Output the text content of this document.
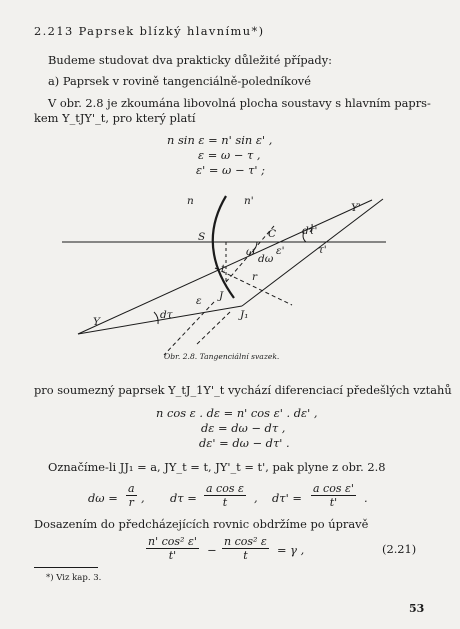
2.213 Paprsek blízký hlavnímu*)
Budeme studovat dva prakticky důležité případy:
a) Paprsek v rovině tangenciálně-poledníkové
V obr. 2.8 je zkoumána libovolná plocha soustavy s hlavním paprs-
kem Y_tJY'_t, pro který platí
n sin ε = n' sin ε' ,
ε = ω − τ ,
ε' = ω − τ' ;
n	n'
S	C
ω
dω
ε'
r
t
J
J₁
Y
Y'
ε
dτ
dτ'
τ'
Obr. 2.8. Tangenciální svazek.
pro soumezný paprsek Y_tJ_1Y'_t vychází diferenciací předešlých vztahů
n cos ε . dε = n' cos ε' . dε' ,
dε = dω − dτ ,
dε' = dω − dτ' .
Označíme-li JJ₁ = a, JY_t = t, JY'_t = t', pak plyne z obr. 2.8
$d\omega = \frac{a}{r}$ , $d\tau = \frac{\text{a cos ε}}{t}$ , $d\tau' = \frac{\text{a cos ε'}}{t'}$ .
Dosazením do předcházejících rovnic obdržíme po úpravě
$\frac{\text{n' cos² ε'}}{t'} - \frac{\text{n cos² ε}}{t} = \gamma$ ,	(2.21)
*) Viz kap. 3.
53
